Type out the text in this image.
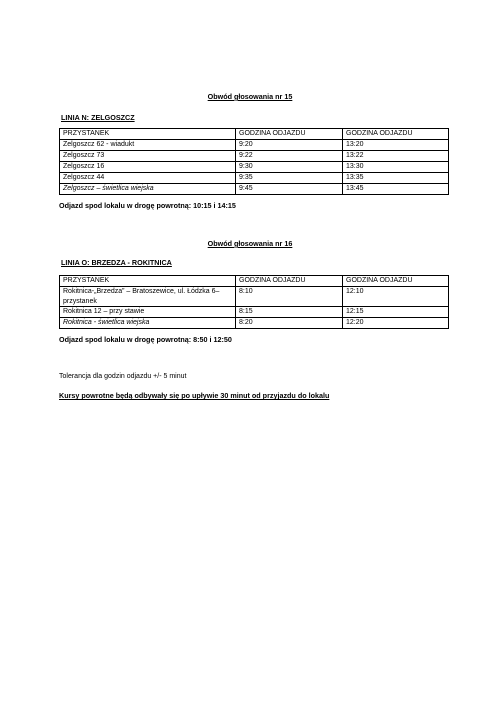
Obwód głosowania nr 15
LINIA N: ZELGOSZCZ
PRZYSTANEK	GODZINA ODJAZDU	GODZINA ODJAZDU
Zelgoszcz 62 - wiadukt	9:20	13:20
Zelgoszcz 73	9:22	13:22
Zelgoszcz 16	9:30	13:30
Zelgoszcz 44	9:35	13:35
Zelgoszcz – świetlica wiejska	9:45	13:45
Odjazd spod lokalu w drogę powrotną: 10:15 i 14:15
Obwód głosowania nr 16
LINIA O: BRZEDZA - ROKITNICA
PRZYSTANEK	GODZINA ODJAZDU	GODZINA ODJAZDU
Rokitnica-„Brzedza” – Bratoszewice, ul. Łódzka 6– przystanek	8:10	12:10
Rokitnica 12 – przy stawie	8:15	12:15
Rokitnica - świetlica wiejska	8:20	12:20
Odjazd spod lokalu w drogę powrotną: 8:50 i 12:50
Tolerancja dla godzin odjazdu +/- 5 minut
Kursy powrotne będą odbywały się po upływie 30 minut od przyjazdu do lokalu
